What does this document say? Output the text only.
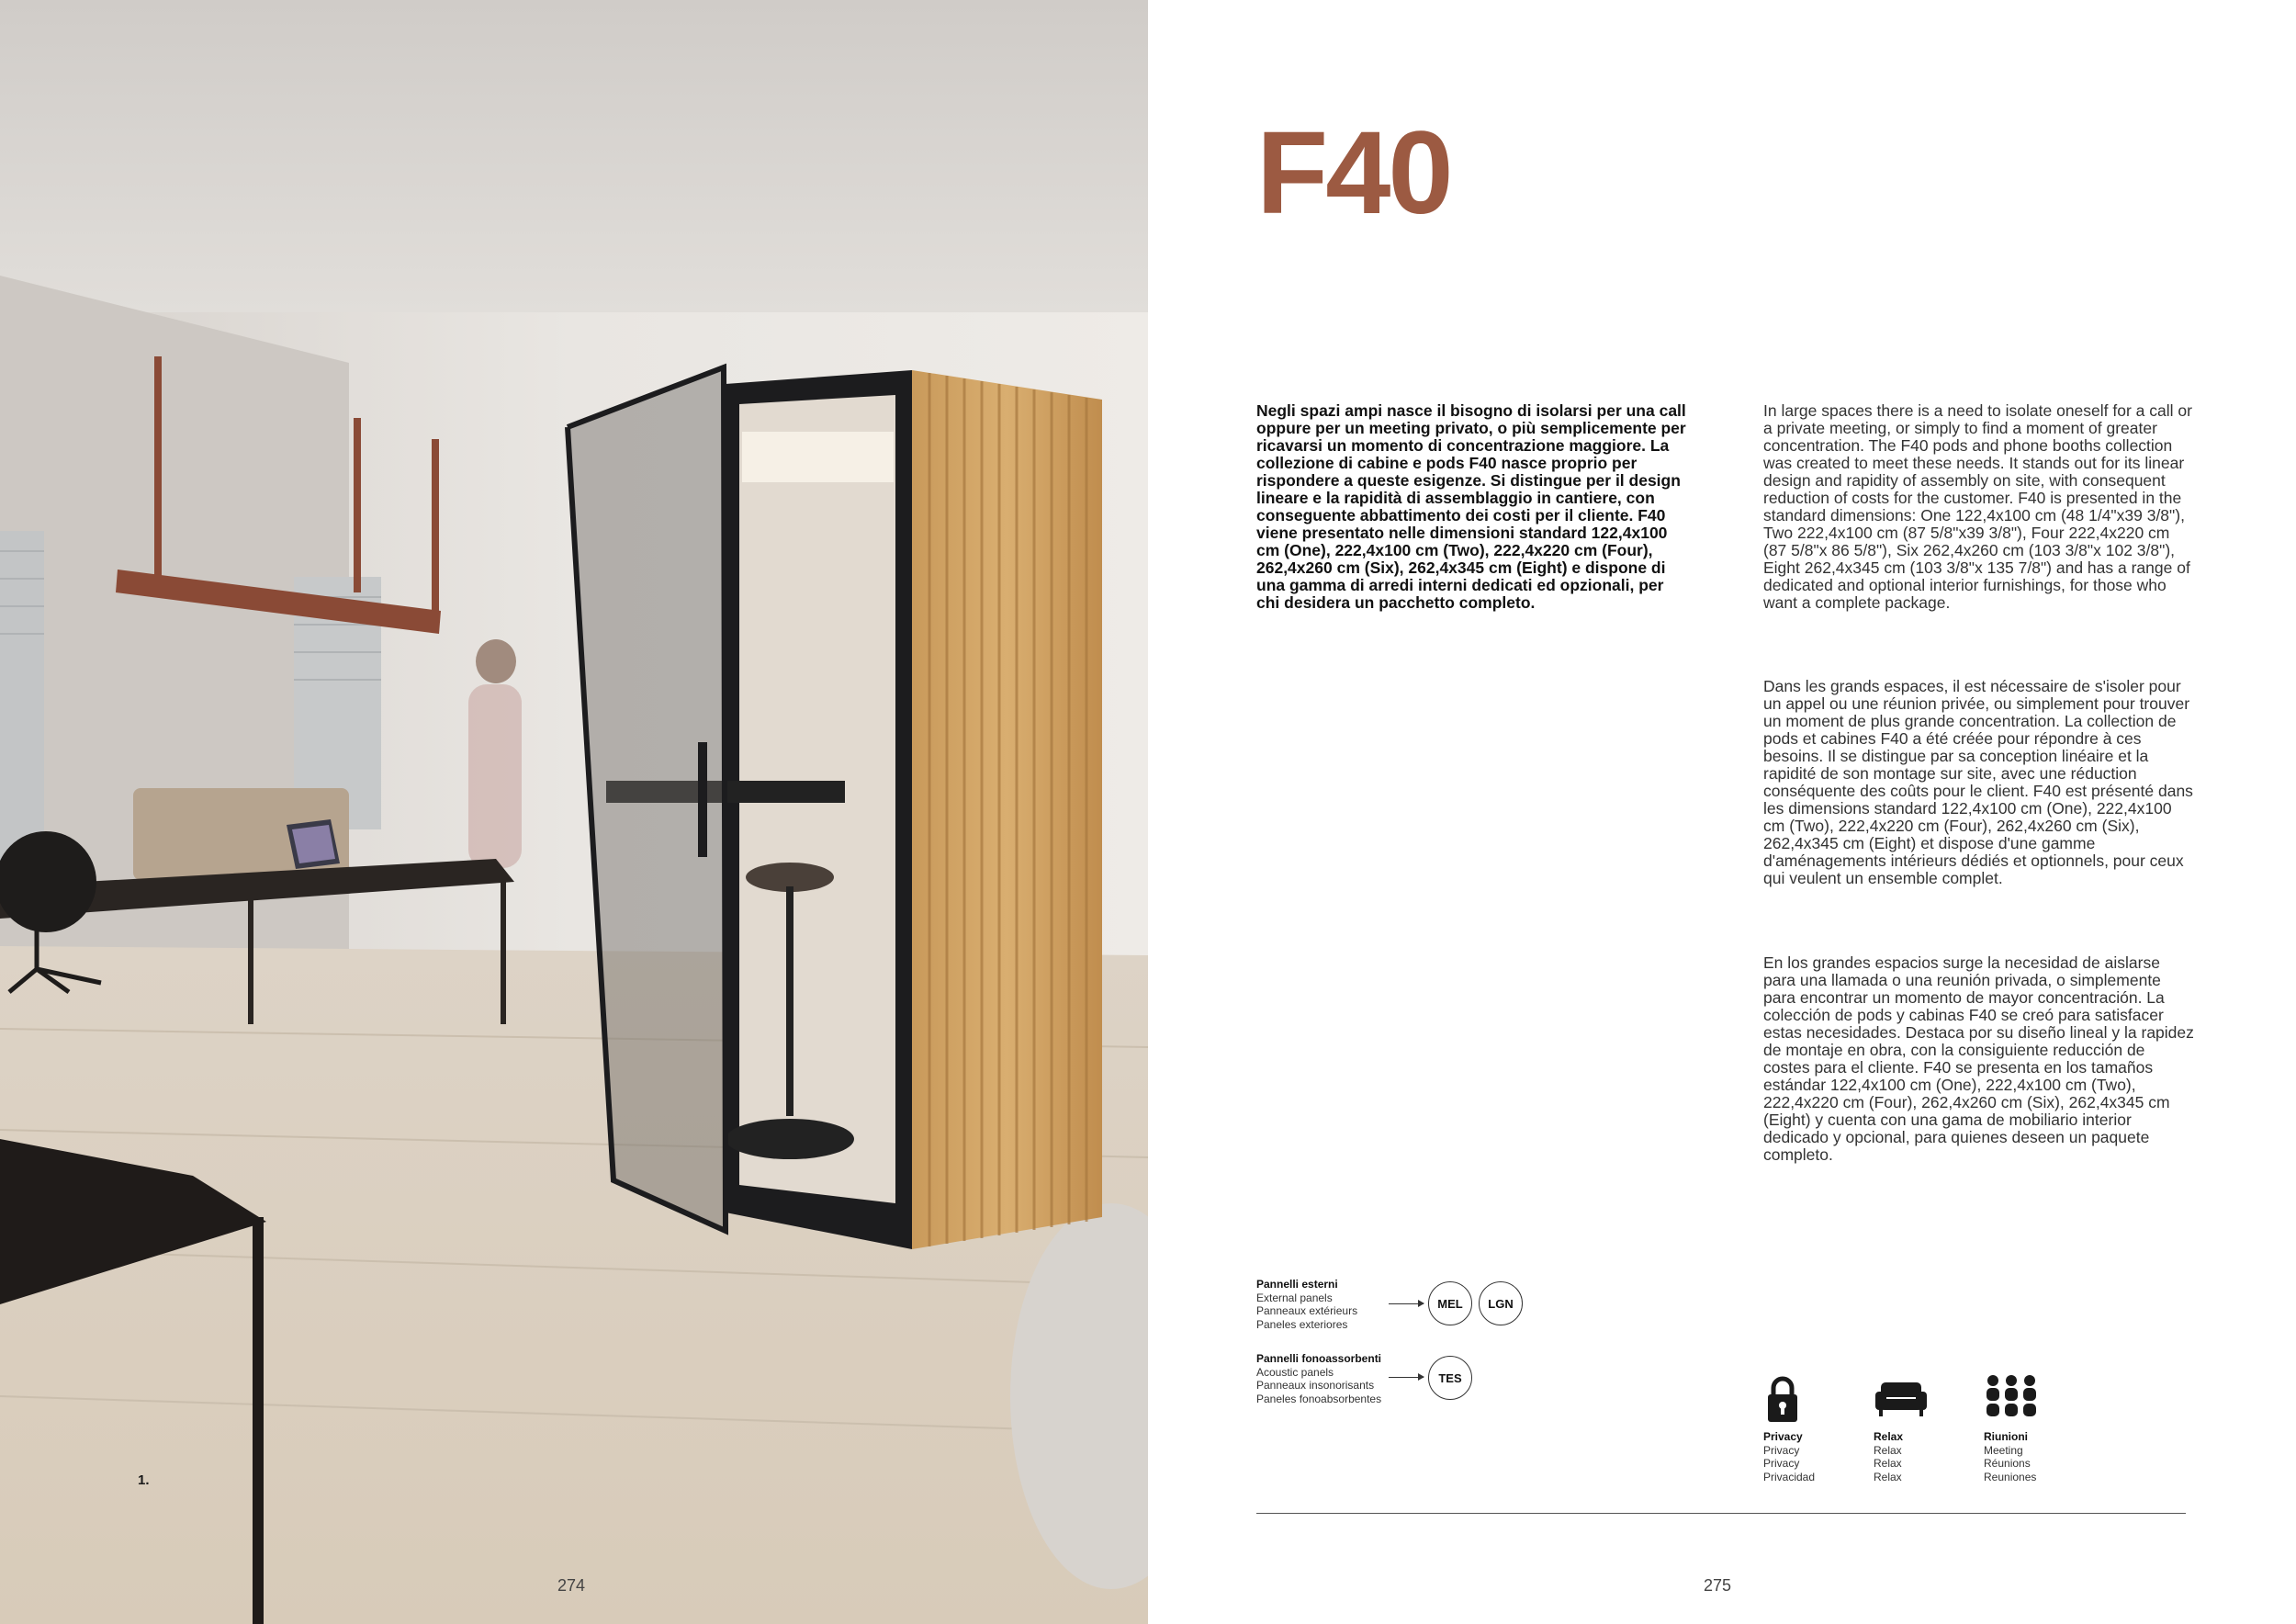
1.
274
F40
Negli spazi ampi nasce il bisogno di isolarsi per una call oppure per un meeting privato, o più semplicemente per ricavarsi un momento di concentrazione maggiore. La collezione di cabine e pods F40 nasce proprio per rispondere a queste esigenze. Si distingue per il design lineare e la rapidità di assemblaggio in cantiere, con conseguente abbattimento dei costi per il cliente. F40 viene presentato nelle dimensioni standard 122,4x100 cm (One), 222,4x100 cm (Two), 222,4x220 cm (Four), 262,4x260 cm (Six), 262,4x345 cm (Eight) e dispone di una gamma di arredi interni dedicati ed opzionali, per chi desidera un pacchetto completo.
In large spaces there is a need to isolate oneself for a call or a private meeting, or simply to find a moment of greater concentration. The F40 pods and phone booths collection was created to meet these needs. It stands out for its linear design and rapidity of assembly on site, with consequent reduction of costs for the customer. F40 is presented in the standard dimensions: One 122,4x100 cm (48 1/4"x39 3/8"), Two 222,4x100 cm (87 5/8"x39 3/8"), Four 222,4x220 cm (87 5/8"x 86 5/8"), Six 262,4x260 cm (103 3/8"x 102 3/8"), Eight 262,4x345 cm (103 3/8"x 135 7/8") and has a range of dedicated and optional interior furnishings, for those who want a complete package.
Dans les grands espaces, il est nécessaire de s'isoler pour un appel ou une réunion privée, ou simplement pour trouver un moment de plus grande concentration. La collection de pods et cabines F40 a été créée pour répondre à ces besoins. Il se distingue par sa conception linéaire et la rapidité de son montage sur site, avec une réduction conséquente des coûts pour le client. F40 est présenté dans les dimensions standard 122,4x100 cm (One), 222,4x100 cm (Two), 222,4x220 cm (Four), 262,4x260 cm (Six), 262,4x345 cm (Eight) et dispose d'une gamme d'aménagements intérieurs dédiés et optionnels, pour ceux qui veulent un ensemble complet.
En los grandes espacios surge la necesidad de aislarse para una llamada o una reunión privada, o simplemente para encontrar un momento de mayor concentración. La colección de pods y cabinas F40 se creó para satisfacer estas necesidades. Destaca por su diseño lineal y la rapidez de montaje en obra, con la consiguiente reducción de costes para el cliente. F40 se presenta en los tamaños estándar 122,4x100 cm (One), 222,4x100 cm (Two), 222,4x220 cm (Four), 262,4x260 cm (Six), 262,4x345 cm (Eight) y cuenta con una gama de mobiliario interior dedicado y opcional, para quienes deseen un paquete completo.
Pannelli esterni
External panels
Panneaux extérieurs
Paneles exteriores
MEL	LGN
Pannelli fonoassorbenti
Acoustic panels
Panneaux insonorisants
Paneles fonoabsorbentes
TES
Privacy
Privacy
Privacy
Privacidad
Relax
Relax
Relax
Relax
Riunioni
Meeting
Réunions
Reuniones
275
